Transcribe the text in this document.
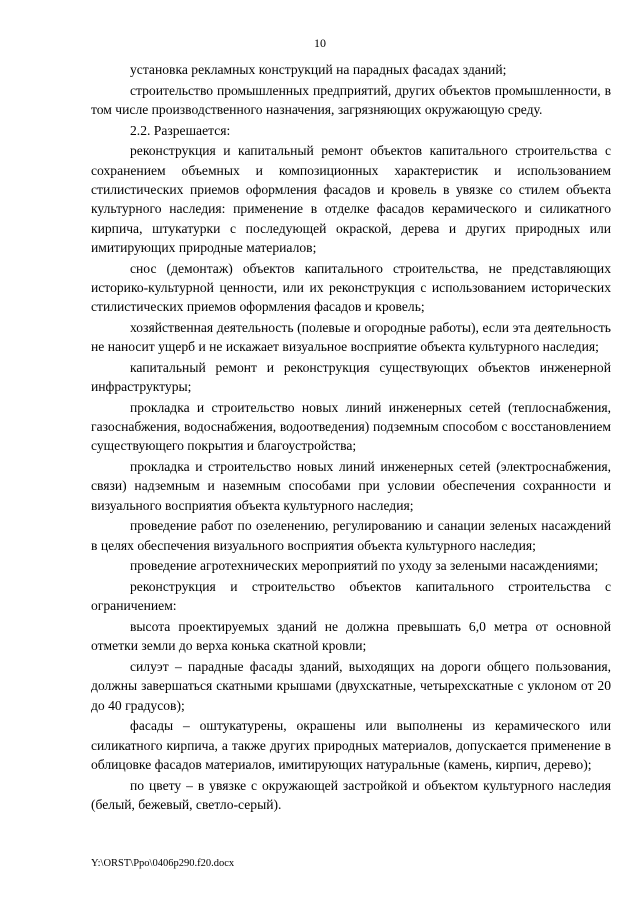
10

установка рекламных конструкций на парадных фасадах зданий;

строительство промышленных предприятий, других объектов промышленности, в том числе производственного назначения, загрязняющих окружающую среду.

2.2. Разрешается:

реконструкция и капитальный ремонт объектов капитального строительства с сохранением объемных и композиционных характеристик и использованием стилистических приемов оформления фасадов и кровель в увязке со стилем объекта культурного наследия: применение в отделке фасадов керамического и силикатного кирпича, штукатурки с последующей окраской, дерева и других природных или имитирующих природные материалов;

снос (демонтаж) объектов капитального строительства, не представляющих историко-культурной ценности, или их реконструкция с использованием исторических стилистических приемов оформления фасадов и кровель;

хозяйственная деятельность (полевые и огородные работы), если эта деятельность не наносит ущерб и не искажает визуальное восприятие объекта культурного наследия;

капитальный ремонт и реконструкция существующих объектов инженерной инфраструктуры;

прокладка и строительство новых линий инженерных сетей (теплоснабжения, газоснабжения, водоснабжения, водоотведения) подземным способом с восстановлением существующего покрытия и благоустройства;

прокладка и строительство новых линий инженерных сетей (электроснабжения, связи) надземным и наземным способами при условии обеспечения сохранности и визуального восприятия объекта культурного наследия;

проведение работ по озеленению, регулированию и санации зеленых насаждений в целях обеспечения визуального восприятия объекта культурного наследия;

проведение агротехнических мероприятий по уходу за зелеными насаждениями;

реконструкция и строительство объектов капитального строительства с ограничением:

высота проектируемых зданий не должна превышать 6,0 метра от основной отметки земли до верха конька скатной кровли;

силуэт – парадные фасады зданий, выходящих на дороги общего пользования, должны завершаться скатными крышами (двухскатные, четырехскатные с уклоном от 20 до 40 градусов);

фасады – оштукатурены, окрашены или выполнены из керамического или силикатного кирпича, а также других природных материалов, допускается применение в облицовке фасадов материалов, имитирующих натуральные (камень, кирпич, дерево);

по цвету – в увязке с окружающей застройкой и объектом культурного наследия (белый, бежевый, светло-серый).

Y:\ORST\Ppo\0406p290.f20.docx
